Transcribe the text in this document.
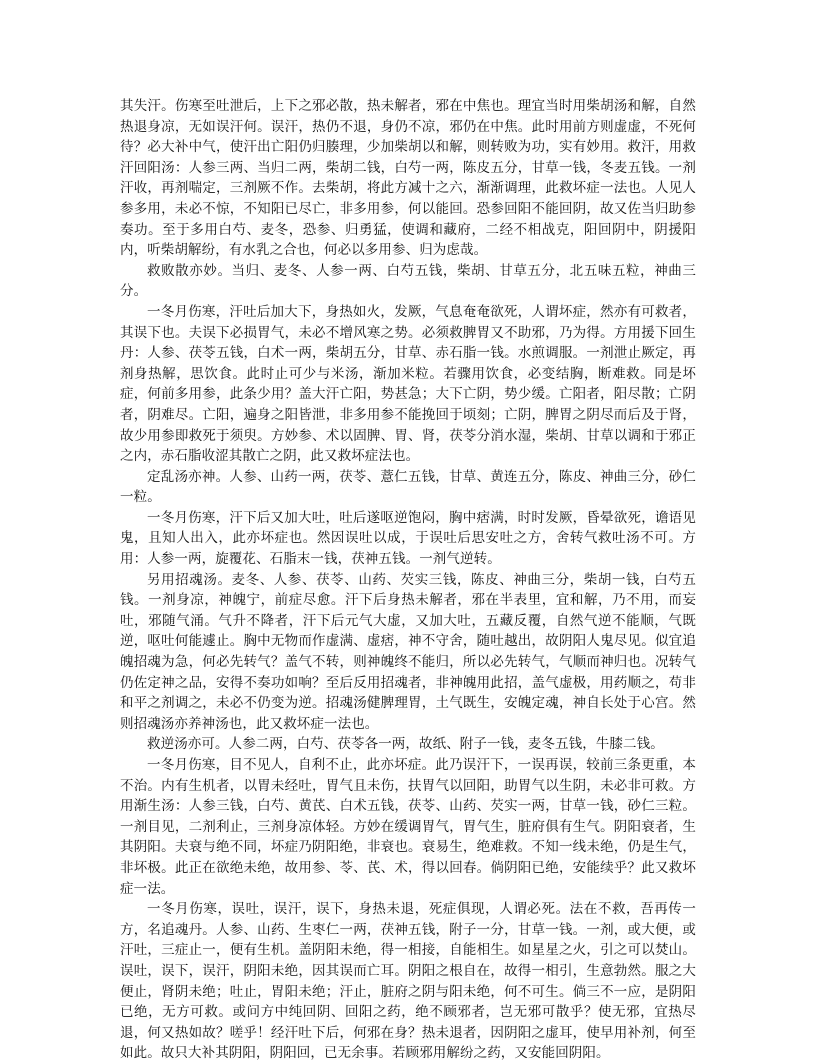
其失汗。伤寒至吐泄后，上下之邪必散，热未解者，邪在中焦也。理宜当时用柴胡汤和解，自然热退身凉，无如误汗何。误汗，热仍不退，身仍不凉，邪仍在中焦。此时用前方则虚虚，不死何待？必大补中气，使汗出亡阳仍归腠理，少加柴胡以和解，则转败为功，实有妙用。救汗，用救汗回阳汤：人参三两、当归二两，柴胡二钱，白芍一两，陈皮五分，甘草一钱，冬麦五钱。一剂汗收，再剂喘定，三剂厥不作。去柴胡，将此方减十之六，渐渐调理，此救坏症一法也。人见人参多用，未必不惊，不知阳已尽亡，非多用参，何以能回。恐参回阳不能回阴，故又佐当归助参奏功。至于多用白芍、麦冬，恐参、归勇猛，使调和藏府，二经不相战克，阳回阴中，阴援阳内，听柴胡解纷，有水乳之合也，何必以多用参、归为虑哉。

救败散亦妙。当归、麦冬、人参一两、白芍五钱，柴胡、甘草五分，北五味五粒，神曲三分。

一冬月伤寒，汗吐后加大下，身热如火，发厥，气息奄奄欲死，人谓坏症，然亦有可救者，其误下也。夫误下必损胃气，未必不增风寒之势。必须救脾胃又不助邪，乃为得。方用援下回生丹：人参、茯苓五钱，白术一两，柴胡五分，甘草、赤石脂一钱。水煎调服。一剂泄止厥定，再剂身热解，思饮食。此时止可少与米汤，渐加米粒。若骤用饮食，必变结胸，断难救。同是坏症，何前多用参，此条少用？盖大汗亡阳，势甚急；大下亡阴，势少缓。亡阳者，阳尽散；亡阴者，阴难尽。亡阳，遍身之阳皆泄，非多用参不能挽回于顷刻；亡阴，脾胃之阴尽而后及于肾，故少用参即救死于须臾。方妙参、术以固脾、胃、肾，茯苓分消水湿，柴胡、甘草以调和于邪正之内，赤石脂收涩其散亡之阴，此又救坏症法也。

定乱汤亦神。人参、山药一两，茯苓、薏仁五钱，甘草、黄连五分，陈皮、神曲三分，砂仁一粒。

一冬月伤寒，汗下后又加大吐，吐后遂呕逆饱闷，胸中痞满，时时发厥，昏晕欲死，谵语见鬼，且知人出入，此亦坏症也。然因误吐以成，于误吐后思安吐之方，舍转气救吐汤不可。方用：人参一两，旋覆花、石脂末一钱，茯神五钱。一剂气逆转。

另用招魂汤。麦冬、人参、茯苓、山药、芡实三钱，陈皮、神曲三分，柴胡一钱，白芍五钱。一剂身凉，神魄宁，前症尽愈。汗下后身热未解者，邪在半表里，宜和解，乃不用，而妄吐，邪随气涌。气升不降者，汗下后元气大虚，又加大吐，五藏反覆，自然气逆不能顺，气既逆，呕吐何能遽止。胸中无物而作虚满、虚痞，神不守舍，随吐越出，故阴阳人鬼尽见。似宜追魄招魂为急，何必先转气？盖气不转，则神魄终不能归，所以必先转气，气顺而神归也。况转气仍佐定神之品，安得不奏功如响？至后反用招魂者，非神魄用此招，盖气虚极，用药顺之，苟非和平之剂调之，未必不仍变为逆。招魂汤健脾理胃，土气既生，安魄定魂，神自长处于心宫。然则招魂汤亦养神汤也，此又救坏症一法也。

救逆汤亦可。人参二两，白芍、茯苓各一两，故纸、附子一钱，麦冬五钱，牛膝二钱。

一冬月伤寒，目不见人，自利不止，此亦坏症。此乃误汗下，一误再误，较前三条更重，本不治。内有生机者，以胃未经吐，胃气且未伤，扶胃气以回阳，助胃气以生阴，未必非可救。方用渐生汤：人参三钱，白芍、黄芪、白术五钱，茯苓、山药、芡实一两，甘草一钱，砂仁三粒。一剂目见，二剂利止，三剂身凉体轻。方妙在缓调胃气，胃气生，脏府俱有生气。阴阳衰者，生其阴阳。夫衰与绝不同，坏症乃阴阳绝，非衰也。衰易生，绝难救。不知一线未绝，仍是生气，非坏极。此正在欲绝未绝，故用参、苓、芪、术，得以回春。倘阴阳已绝，安能续乎？此又救坏症一法。

一冬月伤寒，误吐，误汗，误下，身热未退，死症俱现，人谓必死。法在不救，吾再传一方，名追魂丹。人参、山药、生枣仁一两，茯神五钱，附子一分，甘草一钱。一剂，或大便，或汗吐，三症止一，便有生机。盖阴阳未绝，得一相接，自能相生。如星星之火，引之可以焚山。误吐，误下，误汗，阴阳未绝，因其误而亡耳。阴阳之根自在，故得一相引，生意勃然。服之大便止，肾阴未绝；吐止，胃阳未绝；汗止，脏府之阴与阳未绝，何不可生。倘三不一应，是阴阳已绝，无方可救。或问方中纯回阴、回阳之药，绝不顾邪者，岂无邪可散乎？使无邪，宜热尽退，何又热如故？嗟乎！经汗吐下后，何邪在身？热未退者，因阴阳之虚耳，使早用补剂，何至如此。故只大补其阴阳，阴阳回，已无余事。若顾邪用解纷之药，又安能回阴阳。
